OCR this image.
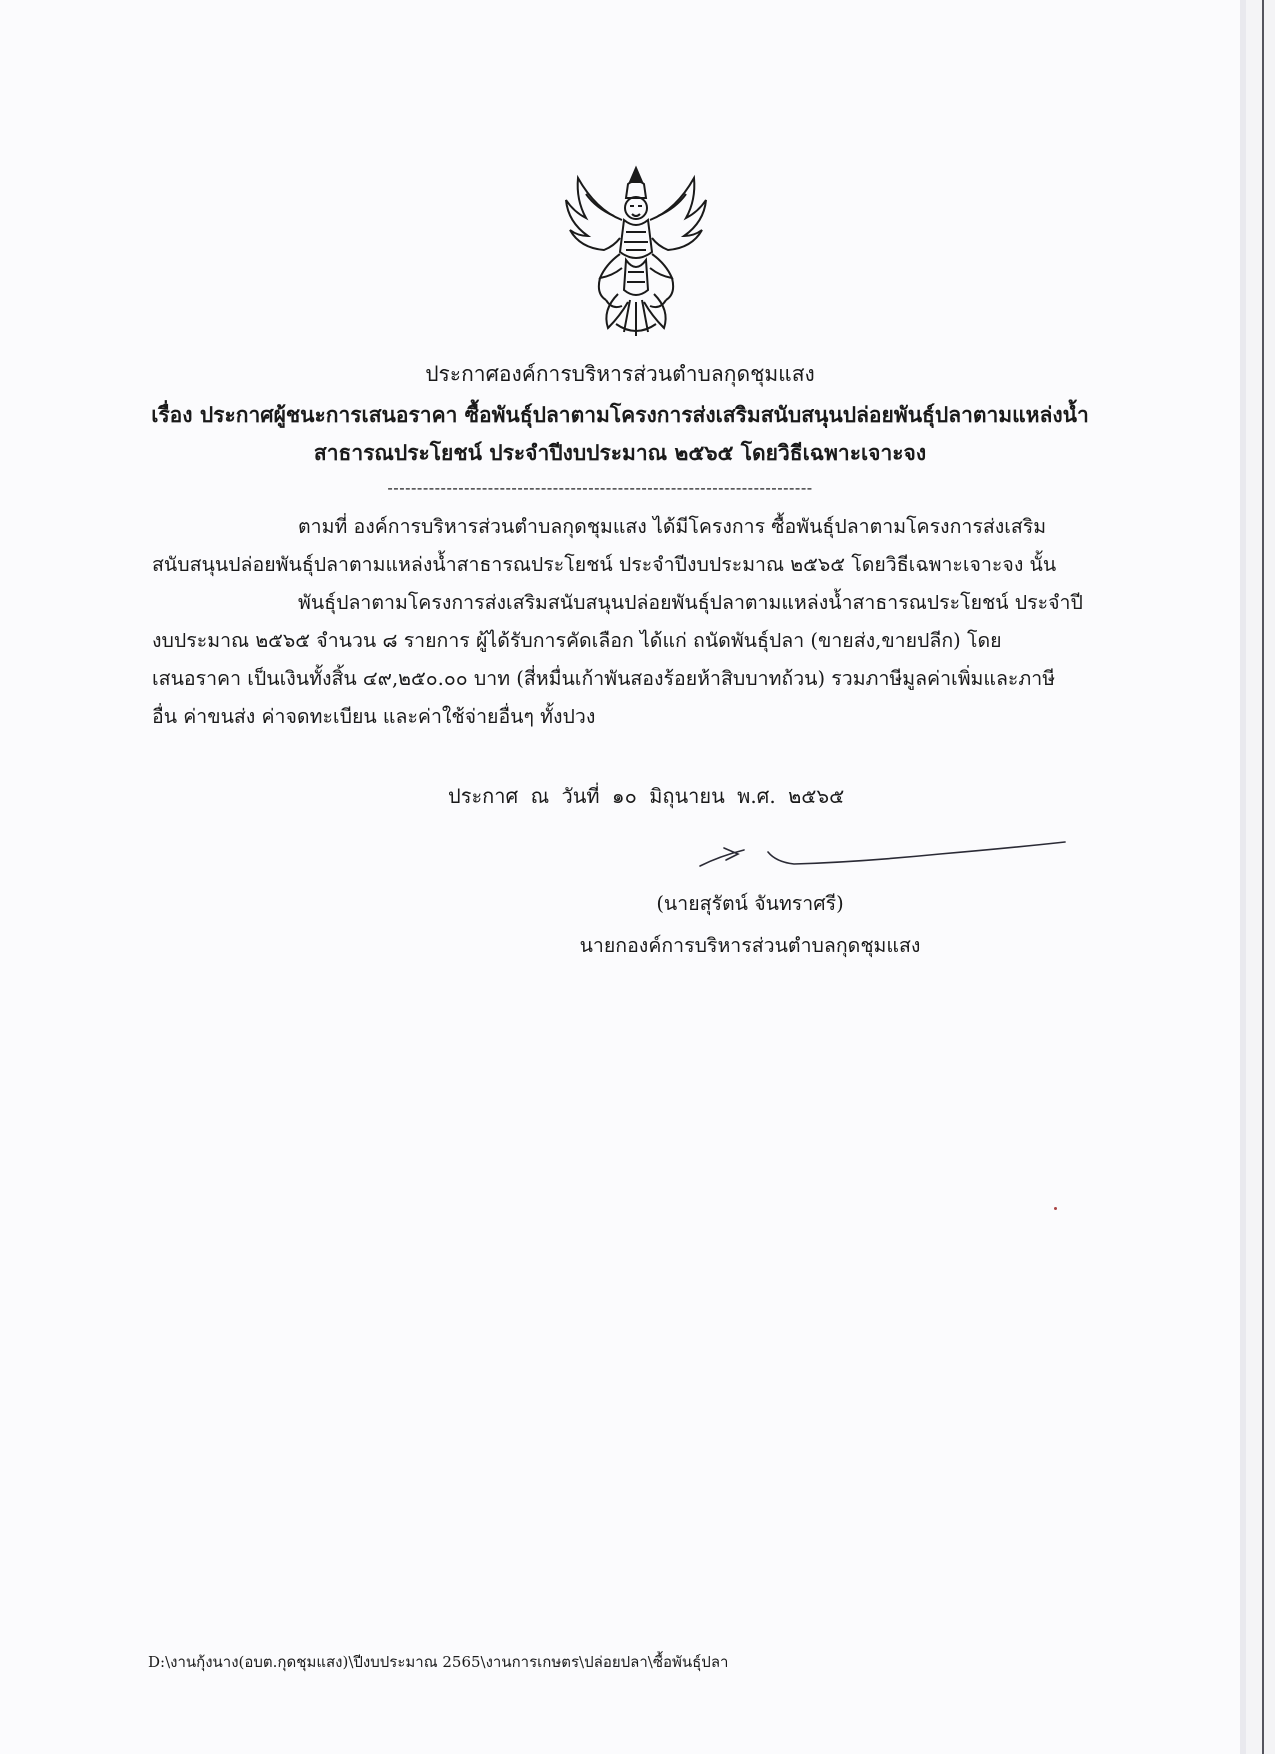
ประกาศองค์การบริหารส่วนตำบลกุดชุมแสง
เรื่อง ประกาศผู้ชนะการเสนอราคา ซื้อพันธุ์ปลาตามโครงการส่งเสริมสนับสนุนปล่อยพันธุ์ปลาตามแหล่งน้ำ
สาธารณประโยชน์ ประจำปีงบประมาณ ๒๕๖๕ โดยวิธีเฉพาะเจาะจง
------------------------------------------------------------------------
ตามที่ องค์การบริหารส่วนตำบลกุดชุมแสง ได้มีโครงการ ซื้อพันธุ์ปลาตามโครงการส่งเสริม
สนับสนุนปล่อยพันธุ์ปลาตามแหล่งน้ำสาธารณประโยชน์ ประจำปีงบประมาณ ๒๕๖๕ โดยวิธีเฉพาะเจาะจง นั้น
พันธุ์ปลาตามโครงการส่งเสริมสนับสนุนปล่อยพันธุ์ปลาตามแหล่งน้ำสาธารณประโยชน์ ประจำปี
งบประมาณ ๒๕๖๕ จำนวน ๘ รายการ ผู้ได้รับการคัดเลือก ได้แก่ ถนัดพันธุ์ปลา (ขายส่ง,ขายปลีก) โดย
เสนอราคา เป็นเงินทั้งสิ้น ๔๙,๒๕๐.๐๐ บาท (สี่หมื่นเก้าพันสองร้อยห้าสิบบาทถ้วน) รวมภาษีมูลค่าเพิ่มและภาษี
อื่น ค่าขนส่ง ค่าจดทะเบียน และค่าใช้จ่ายอื่นๆ ทั้งปวง
ประกาศ ณ วันที่ ๑๐ มิถุนายน พ.ศ. ๒๕๖๕
(นายสุรัตน์ จันทราศรี)
นายกองค์การบริหารส่วนตำบลกุดชุมแสง
D:\งานกุ้งนาง(อบต.กุดชุมแสง)\ปีงบประมาณ 2565\งานการเกษตร\ปล่อยปลา\ซื้อพันธุ์ปลา
